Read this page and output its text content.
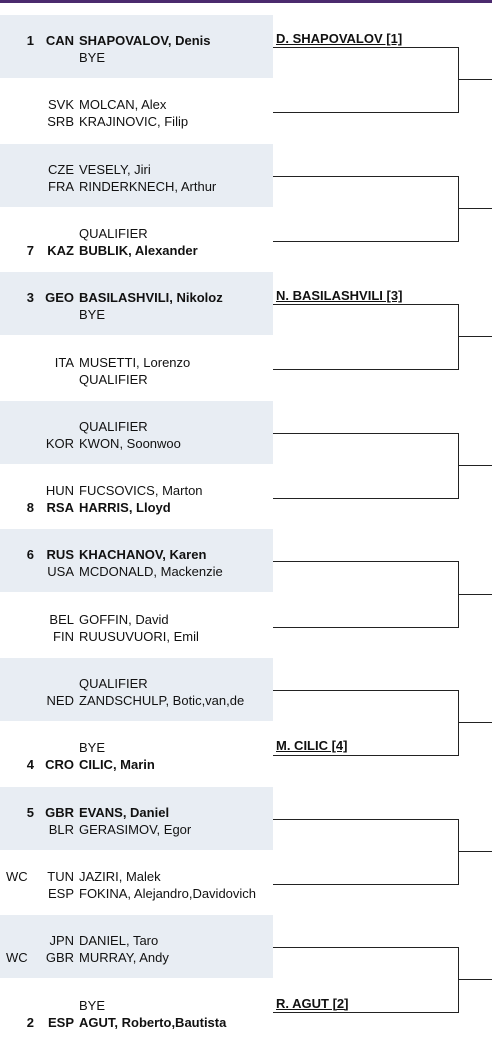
1 CAN SHAPOVALOV, Denis
BYE
D. SHAPOVALOV [1]
SVK MOLCAN, Alex
SRB KRAJINOVIC, Filip
CZE VESELY, Jiri
FRA RINDERKNECH, Arthur
QUALIFIER
7	KAZ BUBLIK, Alexander
3 GEO BASILASHVILI, Nikoloz
BYE
N. BASILASHVILI [3]
ITA MUSETTI, Lorenzo
QUALIFIER
QUALIFIER
KOR KWON, Soonwoo
HUN FUCSOVICS, Marton
8 RSA HARRIS, Lloyd
6 RUS KHACHANOV, Karen
USA MCDONALD, Mackenzie
BEL GOFFIN, David
FIN RUUSUVUORI, Emil
QUALIFIER
NED ZANDSCHULP, Botic,van,de
BYE
4 CRO CILIC, Marin
M. CILIC [4]
5 GBR EVANS, Daniel
BLR GERASIMOV, Egor
WC	TUN JAZIRI, Malek
ESP FOKINA, Alejandro,Davidovich
JPN DANIEL, Taro
WC	GBR MURRAY, Andy
BYE
2	ESP AGUT, Roberto,Bautista
R. AGUT [2]
